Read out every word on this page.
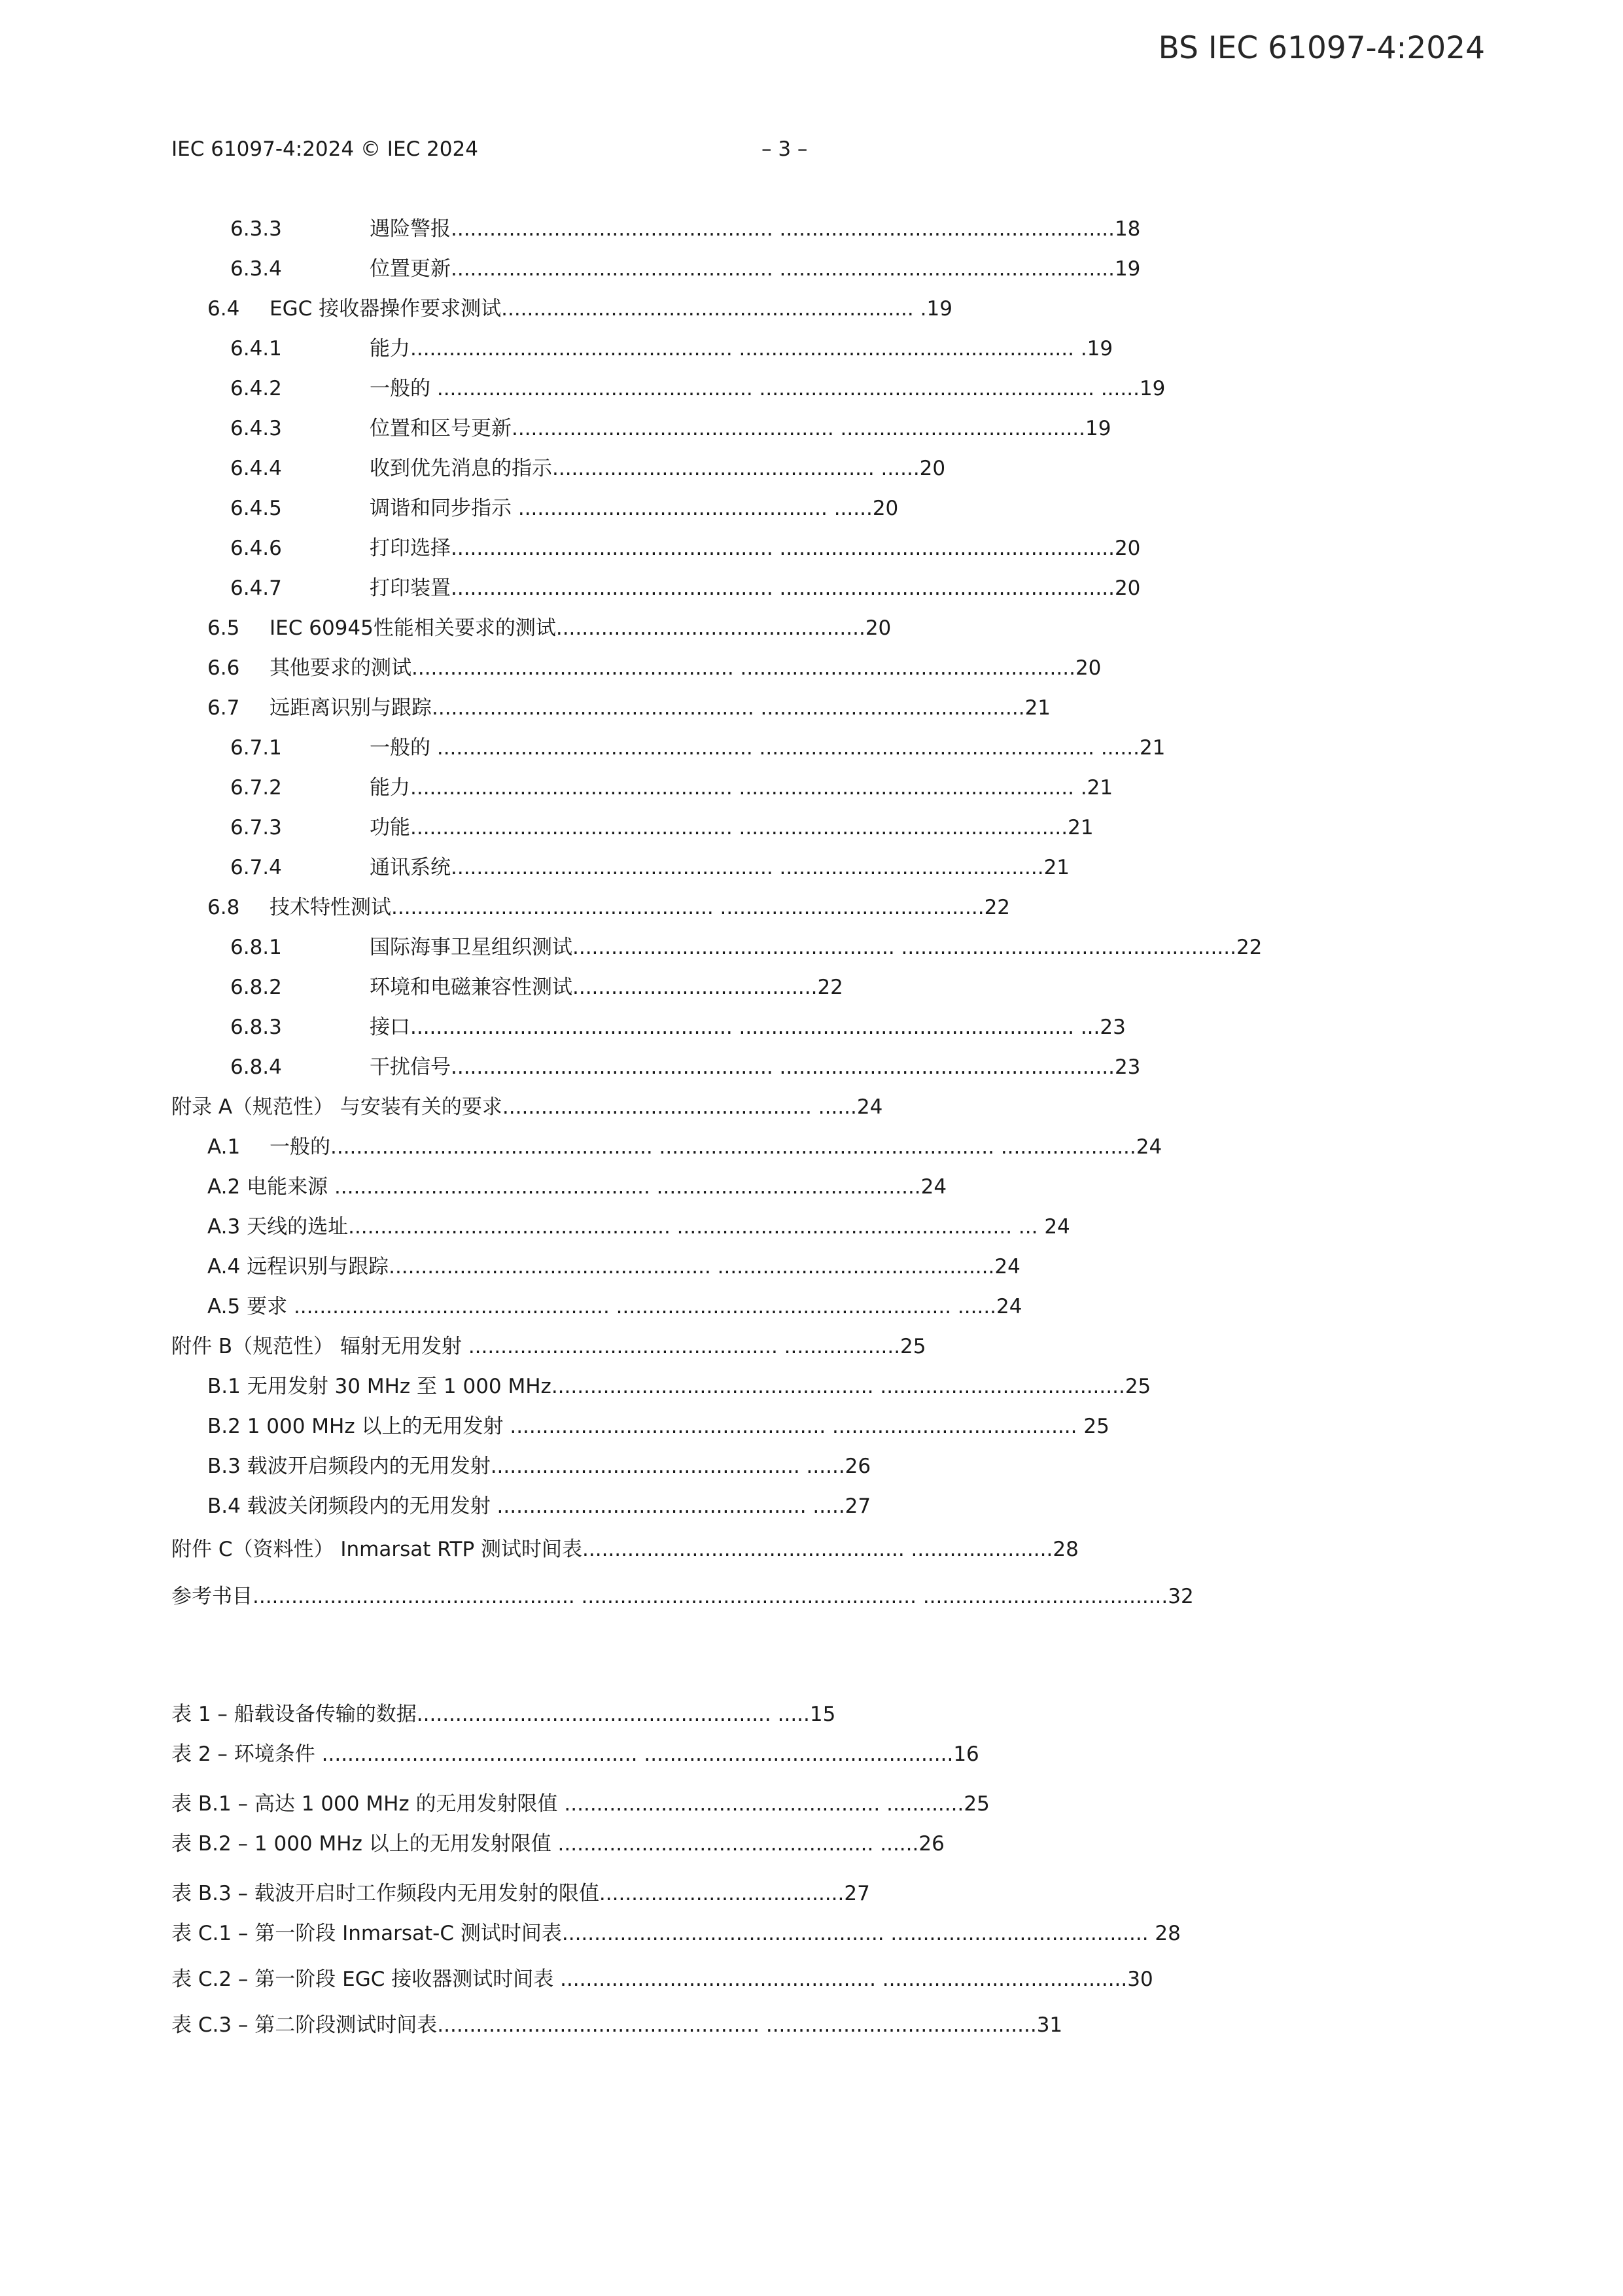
BS IEC 61097-4:2024
IEC 61097-4:2024 © IEC 2024	– 3 –
6.3.3	遇险警报.................................................. ....................................................18
6.3.4	位置更新.................................................. ....................................................19
6.4 EGC 接收器操作要求测试................................................................ .19
6.4.1	能力.................................................. .................................................... .19
6.4.2	一般的 ................................................. .................................................... ......19
6.4.3	位置和区号更新.................................................. ......................................19
6.4.4	收到优先消息的指示.................................................. ......20
6.4.5	调谐和同步指示 ................................................ ......20
6.4.6	打印选择.................................................. ....................................................20
6.4.7	打印装置.................................................. ....................................................20
6.5 IEC 60945性能相关要求的测试................................................20
6.6 其他要求的测试.................................................. ....................................................20
6.7 远距离识别与跟踪.................................................. .........................................21
6.7.1	一般的 ................................................. .................................................... ......21
6.7.2	能力.................................................. .................................................... .21
6.7.3	功能.................................................. ...................................................21
6.7.4	通讯系统.................................................. .........................................21
6.8 技术特性测试.................................................. .........................................22
6.8.1	国际海事卫星组织测试.................................................. ....................................................22
6.8.2	环境和电磁兼容性测试......................................22
6.8.3	接口.................................................. .................................................... ...23
6.8.4	干扰信号.................................................. ....................................................23
附录 A（规范性） 与安装有关的要求................................................ ......24
A.1 一般的.................................................. .................................................... .....................24
A.2 电能来源 ................................................. .........................................24
A.3 天线的选址.................................................. .................................................... ... 24
A.4 远程识别与跟踪.................................................. ...........................................24
A.5 要求 ................................................. .................................................... ......24
附件 B（规范性） 辐射无用发射 ................................................ ..................25
B.1 无用发射 30 MHz 至 1 000 MHz.................................................. ......................................25
B.2 1 000 MHz 以上的无用发射 ................................................. ...................................... 25
B.3 载波开启频段内的无用发射................................................ ......26
B.4 载波关闭频段内的无用发射 ................................................ .....27
附件 C（资料性） Inmarsat RTP 测试时间表.................................................. ......................28
参考书目.................................................. .................................................... ......................................32
表 1 – 船载设备传输的数据....................................................... .....15
表 2 – 环境条件 ................................................. ................................................16
表 B.1 – 高达 1 000 MHz 的无用发射限值 ................................................. ............25
表 B.2 – 1 000 MHz 以上的无用发射限值 ................................................. ......26
表 B.3 – 载波开启时工作频段内无用发射的限值......................................27
表 C.1 – 第一阶段 Inmarsat-C 测试时间表.................................................. ........................................ 28
表 C.2 – 第一阶段 EGC 接收器测试时间表 ................................................. ......................................30
表 C.3 – 第二阶段测试时间表.................................................. ..........................................31
